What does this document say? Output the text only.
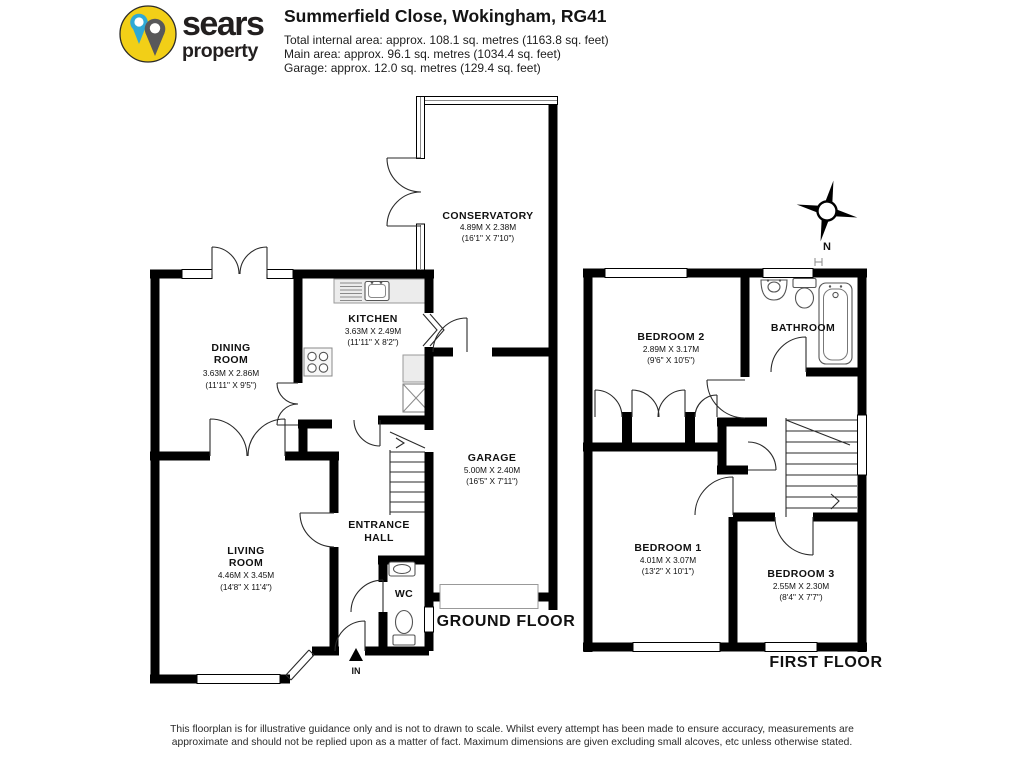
sears
property
Summerfield Close, Wokingham, RG41
Total internal area: approx. 108.1 sq. metres (1163.8 sq. feet)
Main area: approx. 96.1 sq. metres (1034.4 sq. feet)
Garage: approx. 12.0 sq. metres (129.4 sq. feet)
IN
CONSERVATORY
4.89M X 2.38M
(16'1" X 7'10")
KITCHEN
3.63M X 2.49M
(11'11" X 8'2")
DINING
ROOM
3.63M X 2.86M
(11'11" X 9'5")
LIVING
ROOM
4.46M X 3.45M
(14'8" X 11'4")
GARAGE
5.00M X 2.40M
(16'5" X 7'11")
ENTRANCE
HALL
WC
GROUND FLOOR
BEDROOM 2
2.89M X 3.17M
(9'6" X 10'5")
BATHROOM
BEDROOM 1
4.01M X 3.07M
(13'2" X 10'1")	BEDROOM 3
2.55M X 2.30M
(8'4" X 7'7")
FIRST FLOOR
N
This floorplan is for illustrative guidance only and is not to drawn to scale. Whilst every attempt has been made to ensure accuracy, measurements are
approximate and should not be replied upon as a matter of fact. Maximum dimensions are given excluding small alcoves, etc unless otherwise stated.
